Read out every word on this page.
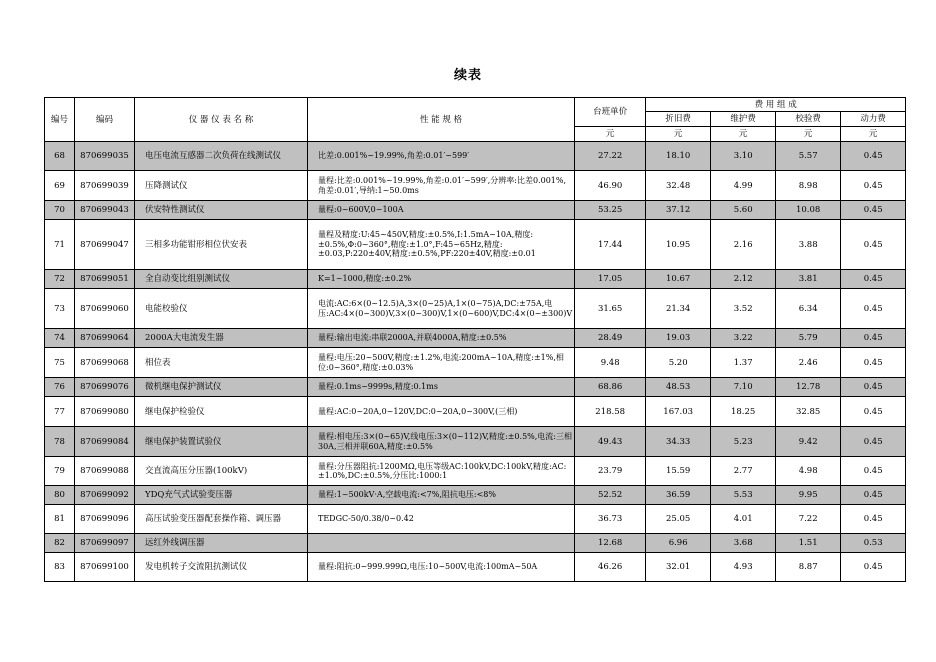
续表
编号	编码	仪 器 仪 表 名 称	性 能 规 格	台班单价	费 用 组 成			
					折旧费	维护费	校验费	动力费
				元	元	元	元	元
68	870699035	电压电流互感器二次负荷在线测试仪	比差:0.001%~19.99%,角差:0.01′~599′	27.22	18.10	3.10	5.57	0.45
69	870699039	压降测试仪	量程:比差:0.001%~19.99%,角差:0.01′~599′,分辨率:比差0.001%,角差:0.01′,导纳:1~50.0ms	46.90	32.48	4.99	8.98	0.45
70	870699043	伏安特性测试仪	量程:0~600V,0~100A	53.25	37.12	5.60	10.08	0.45
71	870699047	三相多功能钳形相位伏安表	量程及精度:U:45~450V,精度:±0.5%,I:1.5mA~10A,精度:±0.5%,Φ:0~360°,精度:±1.0°,F:45~65Hz,精度:±0.03,P:220±40V,精度:±0.5%,PF:220±40V,精度:±0.01	17.44	10.95	2.16	3.88	0.45
72	870699051	全自动变比组别测试仪	K=1~1000,精度:±0.2%	17.05	10.67	2.12	3.81	0.45
73	870699060	电能校验仪	电流:AC:6×(0~12.5)A,3×(0~25)A,1×(0~75)A,DC:±75A,电压:AC:4×(0~300)V,3×(0~300)V,1×(0~600)V,DC:4×(0~±300)V	31.65	21.34	3.52	6.34	0.45
74	870699064	2000A大电流发生器	量程:输出电流:串联2000A,并联4000A,精度:±0.5%	28.49	19.03	3.22	5.79	0.45
75	870699068	相位表	量程:电压:20~500V,精度:±1.2%,电流:200mA~10A,精度:±1%,相位:0~360°,精度:±0.03%	9.48	5.20	1.37	2.46	0.45
76	870699076	微机继电保护测试仪	量程:0.1ms~9999s,精度:0.1ms	68.86	48.53	7.10	12.78	0.45
77	870699080	继电保护检验仪	量程:AC:0~20A,0~120V,DC:0~20A,0~300V,(三相)	218.58	167.03	18.25	32.85	0.45
78	870699084	继电保护装置试验仪	量程:相电压:3×(0~65)V,线电压:3×(0~112)V,精度:±0.5%,电流:三相30A,三相并联60A,精度:±0.5%	49.43	34.33	5.23	9.42	0.45
79	870699088	交直流高压分压器(100kV)	量程:分压器阻抗:1200MΩ,电压等级AC:100kV,DC:100kV,精度:AC:±1.0%,DC:±0.5%,分压比:1000:1	23.79	15.59	2.77	4.98	0.45
80	870699092	YDQ充气式试验变压器	量程:1~500kV·A,空载电流:<7%,阻抗电压:<8%	52.52	36.59	5.53	9.95	0.45
81	870699096	高压试验变压器配套操作箱、调压器	TEDGC-50/0.38/0~0.42	36.73	25.05	4.01	7.22	0.45
82	870699097	远红外线调压器		12.68	6.96	3.68	1.51	0.53
83	870699100	发电机转子交流阻抗测试仪	量程:阻抗:0~999.999Ω,电压:10~500V,电流:100mA~50A	46.26	32.01	4.93	8.87	0.45
